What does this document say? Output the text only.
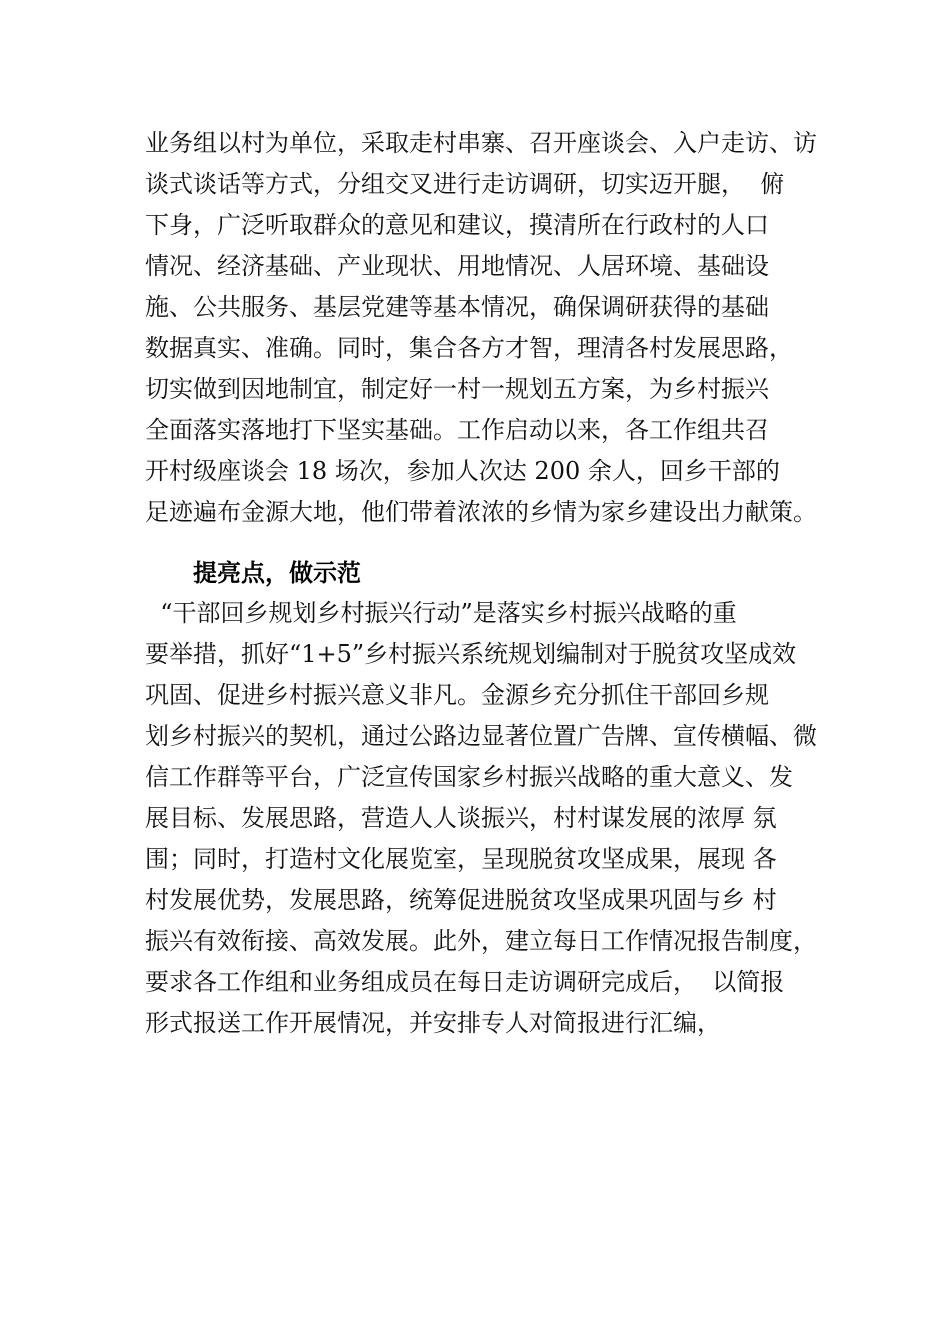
业务组以村为单位，采取走村串寨、召开座谈会、入户走访、访
谈式谈话等方式，分组交叉进行走访调研，切实迈开腿，  俯
下身，广泛听取群众的意见和建议，摸清所在行政村的人口
情况、经济基础、产业现状、用地情况、人居环境、基础设
施、公共服务、基层党建等基本情况，确保调研获得的基础
数据真实、准确。同时，集合各方才智，理清各村发展思路，
切实做到因地制宜，制定好一村一规划五方案，为乡村振兴
全面落实落地打下坚实基础。工作启动以来，各工作组共召
开村级座谈会 18 场次，参加人次达 200 余人，回乡干部的
足迹遍布金源大地，他们带着浓浓的乡情为家乡建设出力献策。
提亮点，做示范
“干部回乡规划乡村振兴行动”是落实乡村振兴战略的重
要举措，抓好“1+5”乡村振兴系统规划编制对于脱贫攻坚成效
巩固、促进乡村振兴意义非凡。金源乡充分抓住干部回乡规
划乡村振兴的契机，通过公路边显著位置广告牌、宣传横幅、微
信工作群等平台，广泛宣传国家乡村振兴战略的重大意义、发
展目标、发展思路，营造人人谈振兴，村村谋发展的浓厚 氛
围；同时，打造村文化展览室，呈现脱贫攻坚成果，展现 各
村发展优势，发展思路，统筹促进脱贫攻坚成果巩固与乡 村
振兴有效衔接、高效发展。此外，建立每日工作情况报告制度，
要求各工作组和业务组成员在每日走访调研完成后，  以简报
形式报送工作开展情况，并安排专人对简报进行汇编，
